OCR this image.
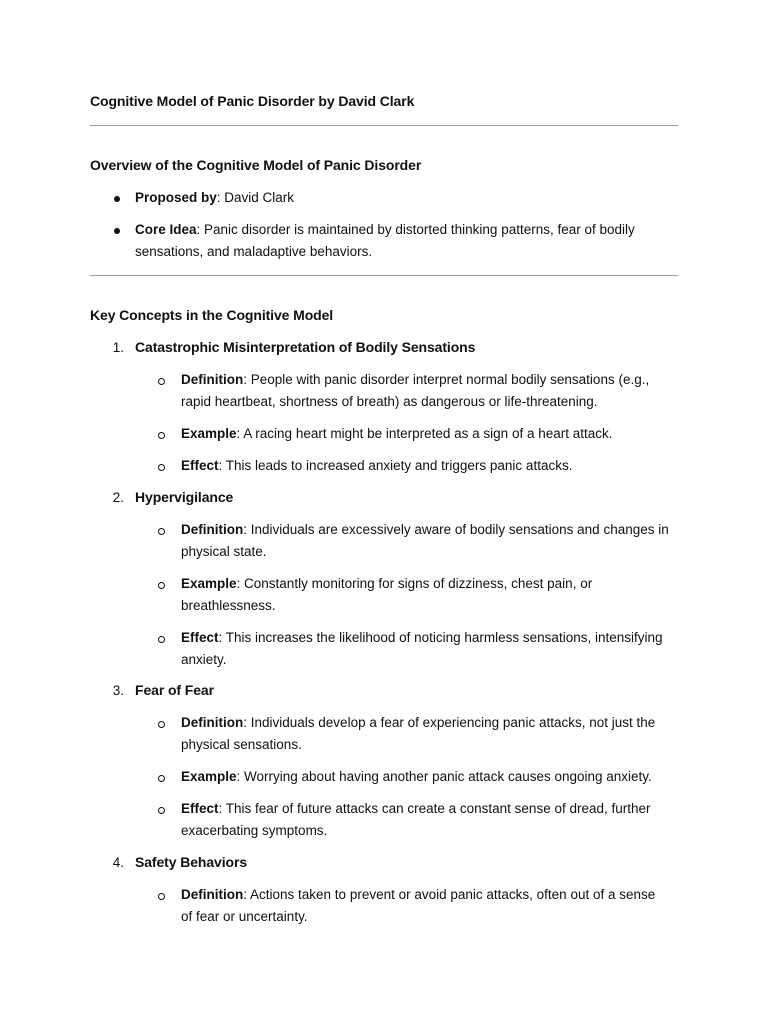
Cognitive Model of Panic Disorder by David Clark
Overview of the Cognitive Model of Panic Disorder
Proposed by: David Clark
Core Idea: Panic disorder is maintained by distorted thinking patterns, fear of bodily
sensations, and maladaptive behaviors.
Key Concepts in the Cognitive Model
1. Catastrophic Misinterpretation of Bodily Sensations
Definition: People with panic disorder interpret normal bodily sensations (e.g.,
rapid heartbeat, shortness of breath) as dangerous or life-threatening.
Example: A racing heart might be interpreted as a sign of a heart attack.
Effect: This leads to increased anxiety and triggers panic attacks.
2. Hypervigilance
Definition: Individuals are excessively aware of bodily sensations and changes in
physical state.
Example: Constantly monitoring for signs of dizziness, chest pain, or
breathlessness.
Effect: This increases the likelihood of noticing harmless sensations, intensifying
anxiety.
3. Fear of Fear
Definition: Individuals develop a fear of experiencing panic attacks, not just the
physical sensations.
Example: Worrying about having another panic attack causes ongoing anxiety.
Effect: This fear of future attacks can create a constant sense of dread, further
exacerbating symptoms.
4. Safety Behaviors
Definition: Actions taken to prevent or avoid panic attacks, often out of a sense
of fear or uncertainty.
